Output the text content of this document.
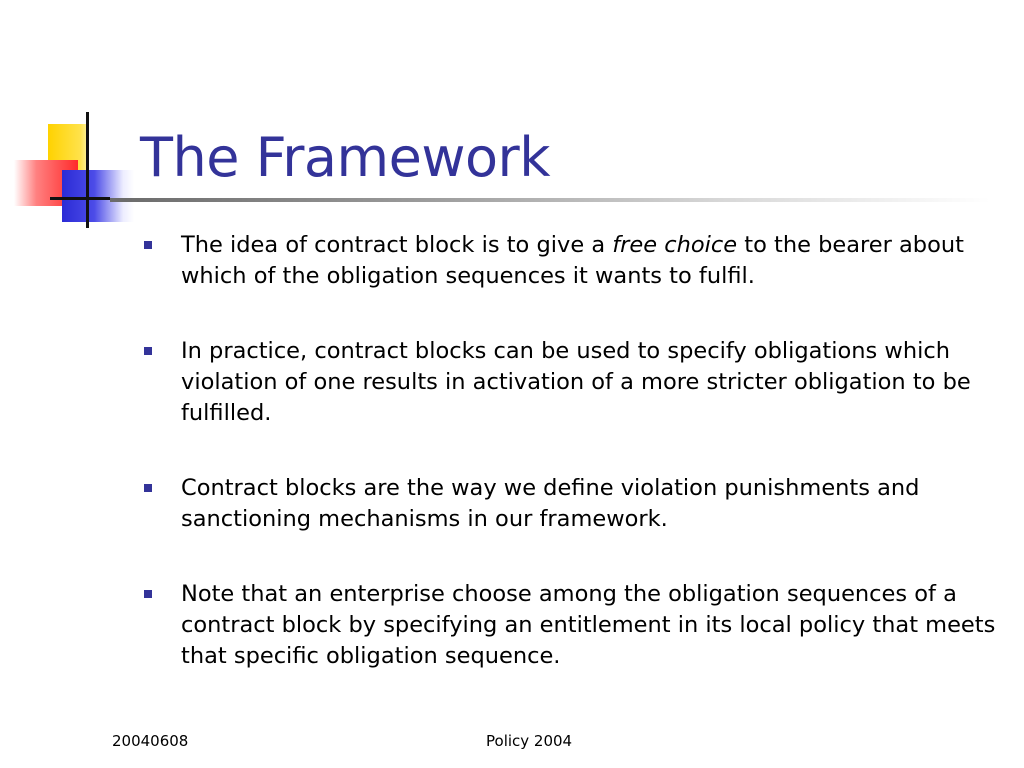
The Framework
The idea of contract block is to give a free choice to the bearer about which of the obligation sequences it wants to fulfil.
In practice, contract blocks can be used to specify obligations which violation of one results in activation of a more stricter obligation to be fulfilled.
Contract blocks are the way we define violation punishments and sanctioning mechanisms in our framework.
Note that an enterprise choose among the obligation sequences of a contract block by specifying an entitlement in its local policy that meets that specific obligation sequence.
20040608	Policy 2004
